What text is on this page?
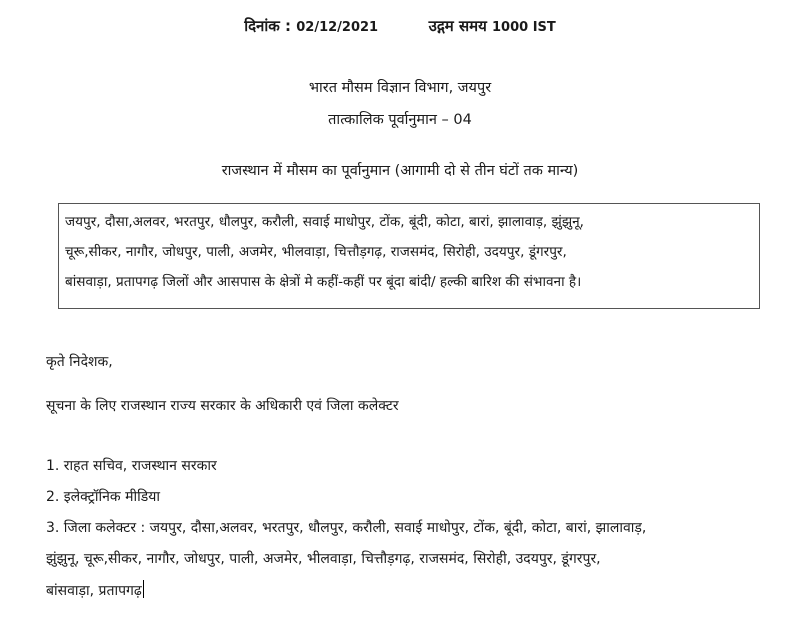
दिनांक : 02/12/2021	उद्गम समय 1000 IST
भारत मौसम विज्ञान विभाग, जयपुर
तात्कालिक पूर्वानुमान – 04
राजस्थान में मौसम का पूर्वानुमान (आगामी दो से तीन घंटों तक मान्य)
जयपुर, दौसा,अलवर, भरतपुर, धौलपुर, करौली, सवाई माधोपुर, टोंक, बूंदी, कोटा, बारां, झालावाड़, झुंझुनू,
चूरू,सीकर, नागौर, जोधपुर, पाली, अजमेर, भीलवाड़ा, चित्तौड़गढ़, राजसमंद, सिरोही, उदयपुर, डूंगरपुर,
बांसवाड़ा, प्रतापगढ़ जिलों और आसपास के क्षेत्रों मे कहीं-कहीं पर बूंदा बांदी/ हल्की बारिश की संभावना है।
कृते निदेशक,
सूचना के लिए राजस्थान राज्य सरकार के अधिकारी एवं जिला कलेक्टर
1. राहत सचिव, राजस्थान सरकार
2. इलेक्ट्रॉनिक मीडिया
3. जिला कलेक्टर : जयपुर, दौसा,अलवर, भरतपुर, धौलपुर, करौली, सवाई माधोपुर, टोंक, बूंदी, कोटा, बारां, झालावाड़,
झुंझुनू, चूरू,सीकर, नागौर, जोधपुर, पाली, अजमेर, भीलवाड़ा, चित्तौड़गढ़, राजसमंद, सिरोही, उदयपुर, डूंगरपुर,
बांसवाड़ा, प्रतापगढ़
